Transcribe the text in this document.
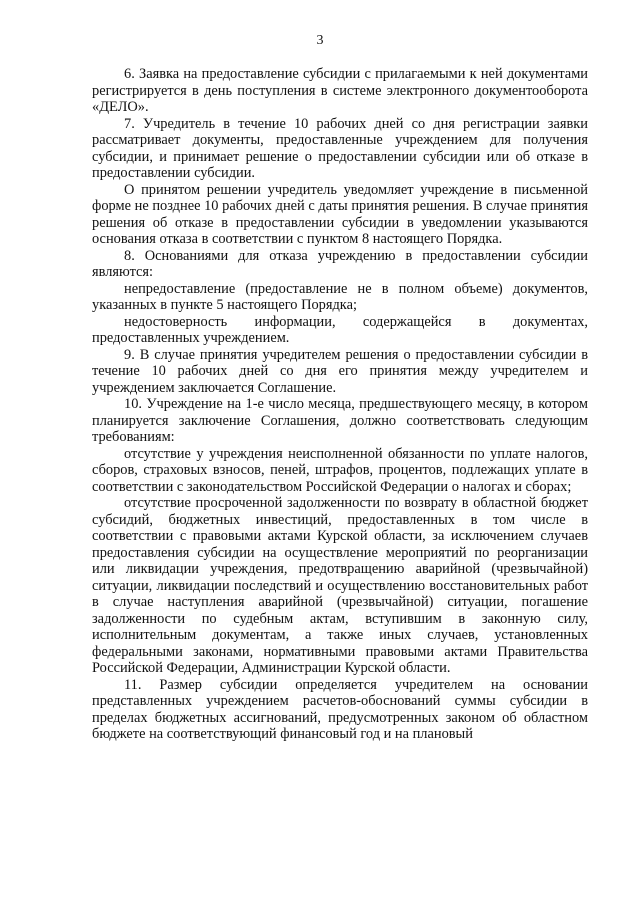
3

6. Заявка на предоставление субсидии с прилагаемыми к ней документами регистрируется в день поступления в системе электронного документооборота «ДЕЛО».

7. Учредитель в течение 10 рабочих дней со дня регистрации заявки рассматривает документы, предоставленные учреждением для получения субсидии, и принимает решение о предоставлении субсидии или об отказе в предоставлении субсидии.

О принятом решении учредитель уведомляет учреждение в письменной форме не позднее 10 рабочих дней с даты принятия решения. В случае принятия решения об отказе в предоставлении субсидии в уведомлении указываются основания отказа в соответствии с пунктом 8 настоящего Порядка.

8. Основаниями для отказа учреждению в предоставлении субсидии являются:

непредоставление (предоставление не в полном объеме) документов, указанных в пункте 5 настоящего Порядка;

недостоверность информации, содержащейся в документах, предоставленных учреждением.

9. В случае принятия учредителем решения о предоставлении субсидии в течение 10 рабочих дней со дня его принятия между учредителем и учреждением заключается Соглашение.

10. Учреждение на 1-е число месяца, предшествующего месяцу, в котором планируется заключение Соглашения, должно соответствовать следующим требованиям:

отсутствие у учреждения неисполненной обязанности по уплате налогов, сборов, страховых взносов, пеней, штрафов, процентов, подлежащих уплате в соответствии с законодательством Российской Федерации о налогах и сборах;

отсутствие просроченной задолженности по возврату в областной бюджет субсидий, бюджетных инвестиций, предоставленных в том числе в соответствии с правовыми актами Курской области, за исключением случаев предоставления субсидии на осуществление мероприятий по реорганизации или ликвидации учреждения, предотвращению аварийной (чрезвычайной) ситуации, ликвидации последствий и осуществлению восстановительных работ в случае наступления аварийной (чрезвычайной) ситуации, погашение задолженности по судебным актам, вступившим в законную силу, исполнительным документам, а также иных случаев, установленных федеральными законами, нормативными правовыми актами Правительства Российской Федерации, Администрации Курской области.

11. Размер субсидии определяется учредителем на основании представленных учреждением расчетов-обоснований суммы субсидии в пределах бюджетных ассигнований, предусмотренных законом об областном бюджете на соответствующий финансовый год и на плановый
